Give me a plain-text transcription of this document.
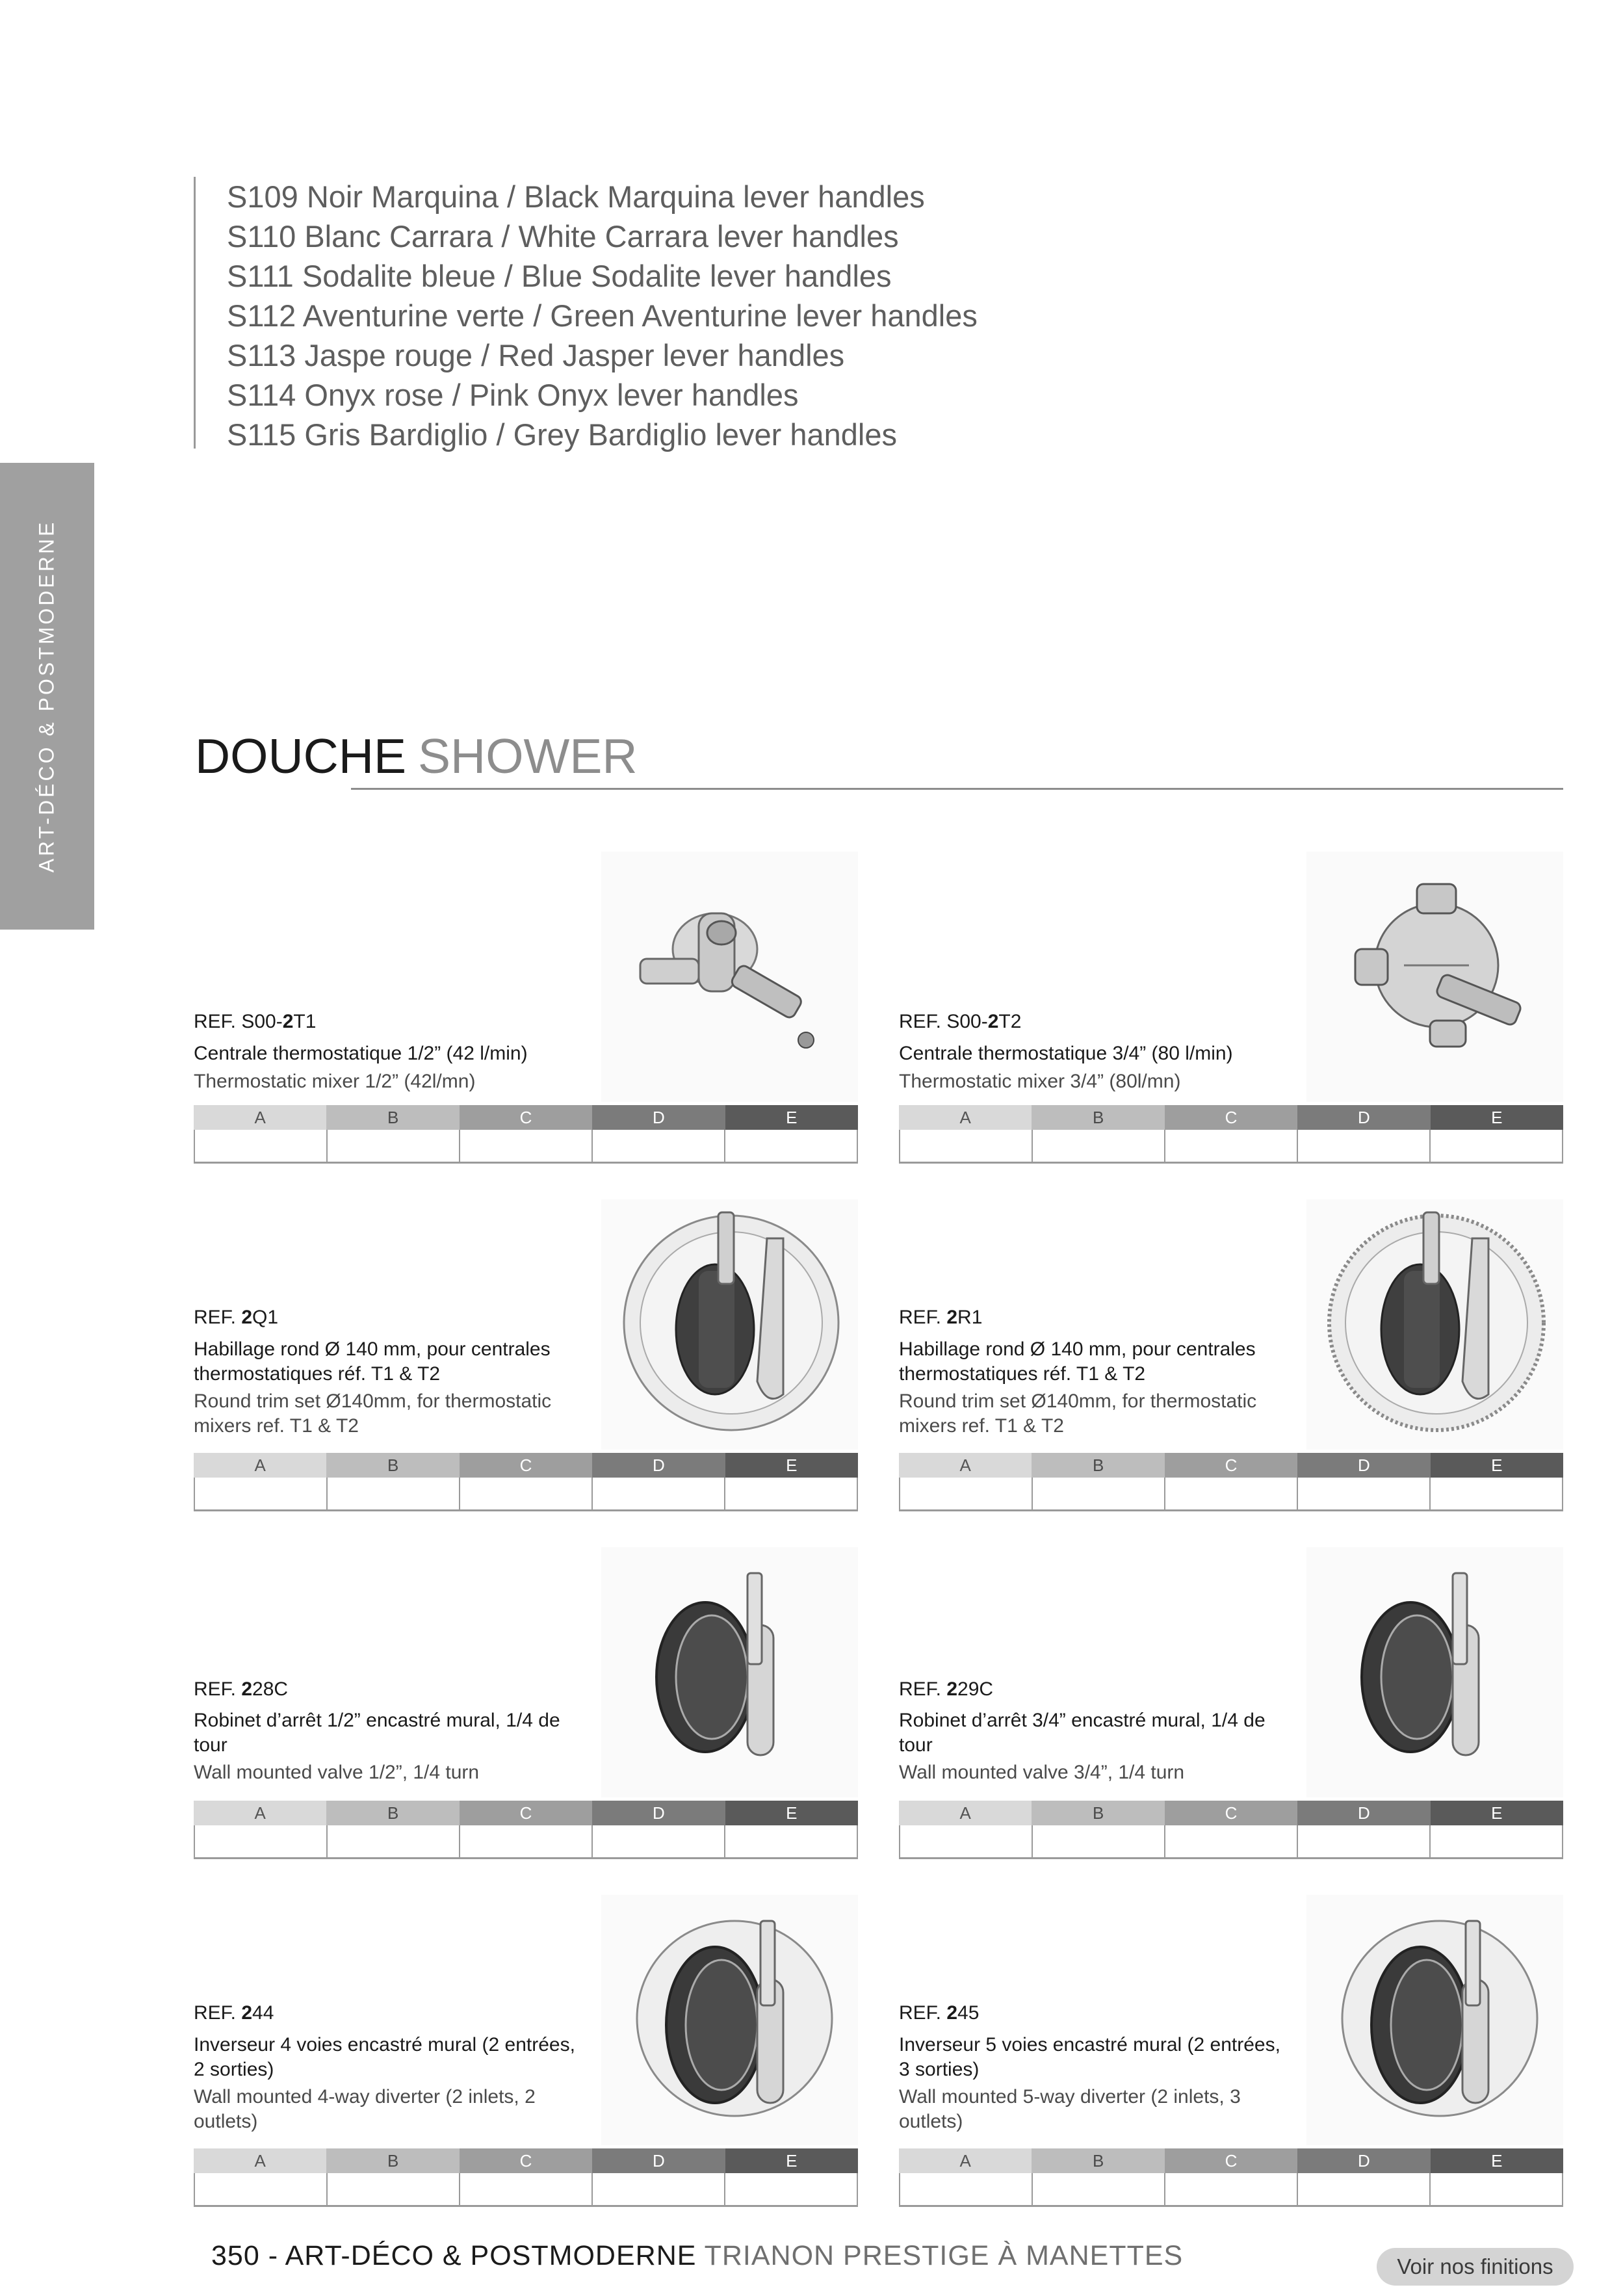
S109 Noir Marquina / Black Marquina lever handles
S110 Blanc Carrara / White Carrara lever handles
S111 Sodalite bleue / Blue Sodalite lever handles
S112 Aventurine verte / Green Aventurine lever handles
S113 Jaspe rouge / Red Jasper lever handles
S114 Onyx rose / Pink Onyx lever handles
S115 Gris Bardiglio / Grey Bardiglio lever handles
ART-DÉCO & POSTMODERNE	DOUCHE SHOWER
REF. S00-2T1
Centrale thermostatique 1/2” (42 l/min)
Thermostatic mixer 1/2” (42l/mn)
A	B	C	D	E
REF. S00-2T2
Centrale thermostatique 3/4” (80 l/min)
Thermostatic mixer 3/4” (80l/mn)
A	B	C	D	E
REF. 2Q1
Habillage rond Ø 140 mm, pour centrales thermostatiques réf. T1 & T2
Round trim set Ø140mm, for thermostatic mixers ref. T1 & T2
A	B	C	D	E
REF. 2R1
Habillage rond Ø 140 mm, pour centrales thermostatiques réf. T1 & T2
Round trim set Ø140mm, for thermostatic mixers ref. T1 & T2
A	B	C	D	E
REF. 228C
Robinet d’arrêt 1/2” encastré mural, 1/4 de tour
Wall mounted valve 1/2”, 1/4 turn
A	B	C	D	E
REF. 229C
Robinet d’arrêt 3/4” encastré mural, 1/4 de tour
Wall mounted valve 3/4”, 1/4 turn
A	B	C	D	E
REF. 244
Inverseur 4 voies encastré mural (2 entrées, 2 sorties)
Wall mounted 4-way diverter (2 inlets, 2 outlets)
A	B	C	D	E
REF. 245
Inverseur 5 voies encastré mural (2 entrées, 3 sorties)
Wall mounted 5-way diverter (2 inlets, 3 outlets)
A	B	C	D	E
350 - ART-DÉCO & POSTMODERNE TRIANON PRESTIGE À MANETTES	Voir nos finitions
